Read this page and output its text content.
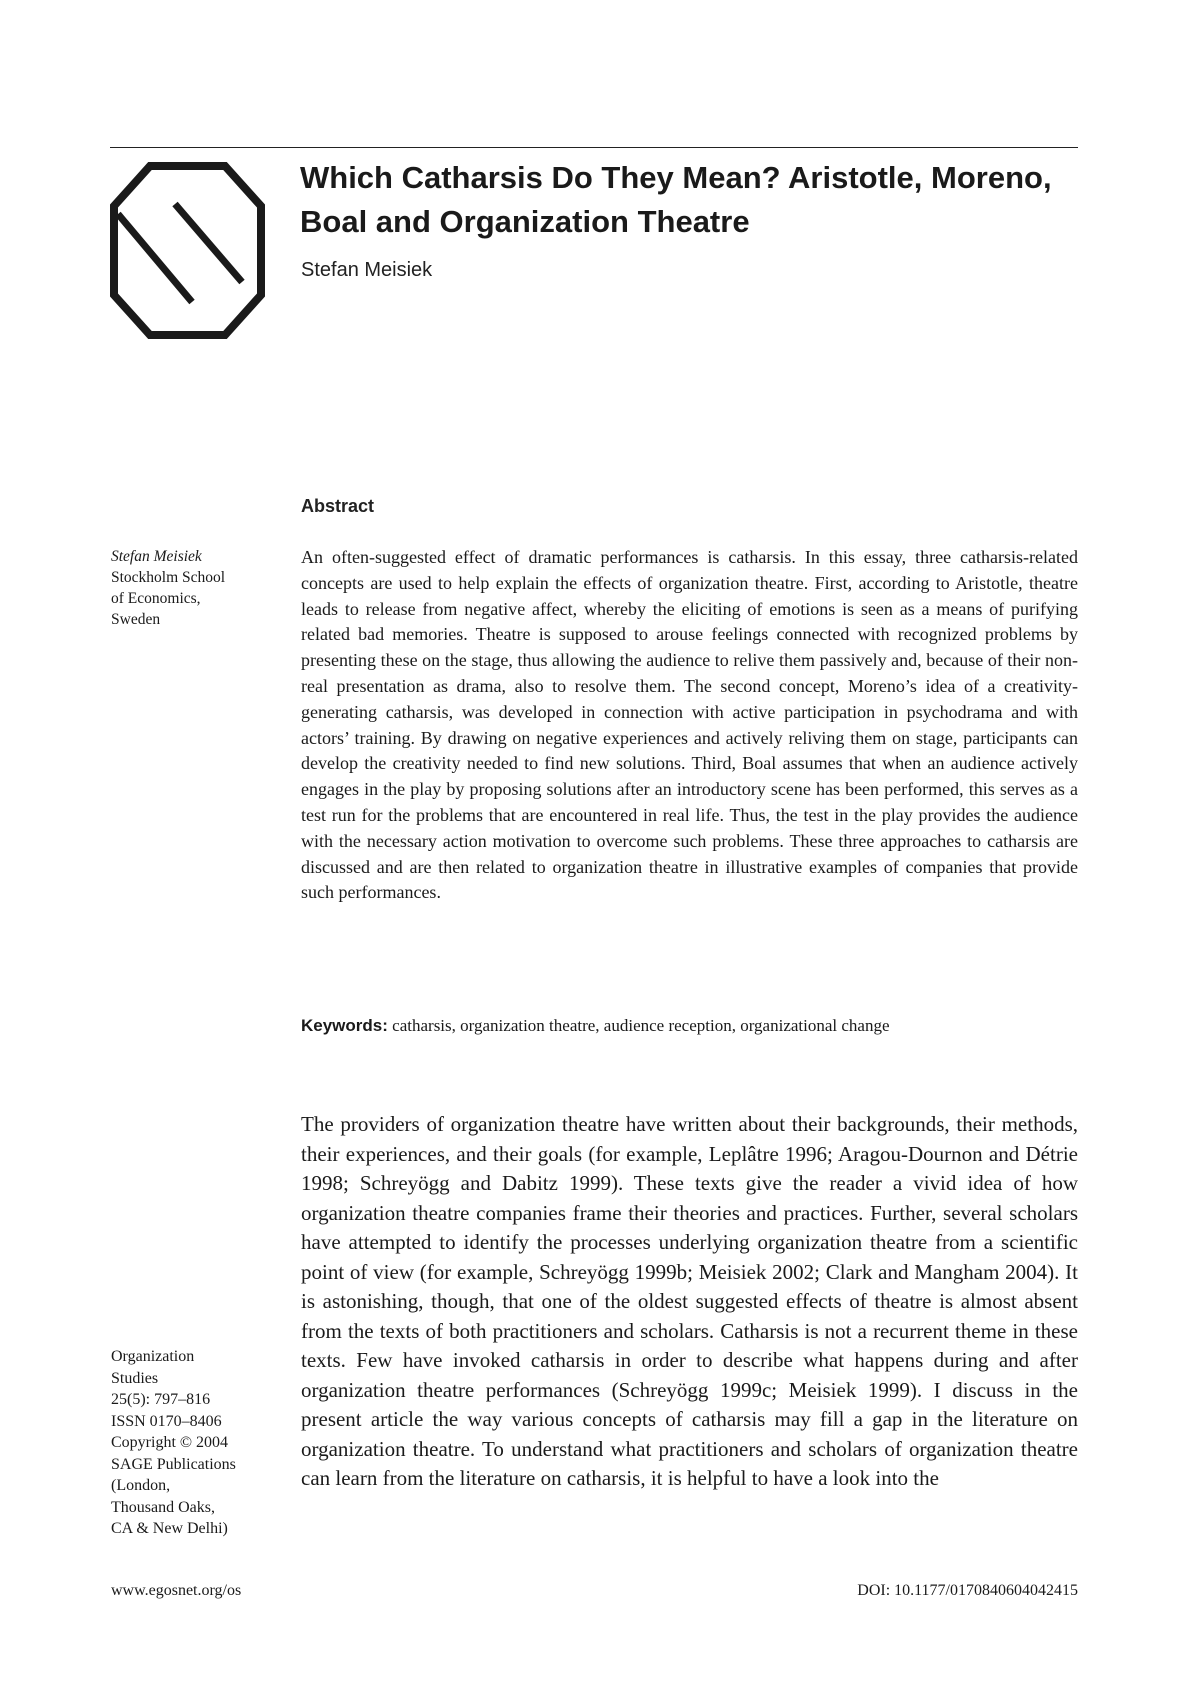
Which Catharsis Do They Mean? Aristotle, Moreno, Boal and Organization Theatre
Stefan Meisiek
Abstract
Stefan Meisiek
Stockholm School
of Economics,
Sweden

An often-suggested effect of dramatic performances is catharsis. In this essay, three catharsis-related concepts are used to help explain the effects of organization theatre. First, according to Aristotle, theatre leads to release from negative affect, whereby the eliciting of emotions is seen as a means of purifying related bad memories. Theatre is supposed to arouse feelings connected with recognized problems by presenting these on the stage, thus allowing the audience to relive them passively and, because of their non-real presentation as drama, also to resolve them. The second concept, Moreno’s idea of a creativity-generating catharsis, was developed in connection with active participation in psychodrama and with actors’ training. By drawing on negative experiences and actively reliving them on stage, participants can develop the creativity needed to find new solutions. Third, Boal assumes that when an audience actively engages in the play by proposing solutions after an introductory scene has been performed, this serves as a test run for the problems that are encountered in real life. Thus, the test in the play provides the audience with the necessary action motivation to overcome such problems. These three approaches to catharsis are discussed and are then related to organization theatre in illustrative examples of companies that provide such performances.

Keywords: catharsis, organization theatre, audience reception, organizational change

The providers of organization theatre have written about their backgrounds, their methods, their experiences, and their goals (for example, Leplâtre 1996; Aragou-Dournon and Détrie 1998; Schreyögg and Dabitz 1999). These texts give the reader a vivid idea of how organization theatre companies frame their theories and practices. Further, several scholars have attempted to identify the processes underlying organization theatre from a scientific point of view (for example, Schreyögg 1999b; Meisiek 2002; Clark and Mangham 2004). It is astonishing, though, that one of the oldest suggested effects of theatre is almost absent from the texts of both practitioners and scholars. Catharsis is not a recurrent theme in these texts. Few have invoked catharsis in order to describe what happens during and after organization theatre performances (Schreyögg 1999c; Meisiek 1999). I discuss in the present article the way various concepts of catharsis may fill a gap in the literature on organization theatre. To understand what practitioners and scholars of organization theatre can learn from the literature on catharsis, it is helpful to have a look into the

Organization
Studies
25(5): 797–816
ISSN 0170–8406
Copyright © 2004
SAGE Publications
(London,
Thousand Oaks,
CA & New Delhi)
www.egosnet.org/os	DOI: 10.1177/0170840604042415
